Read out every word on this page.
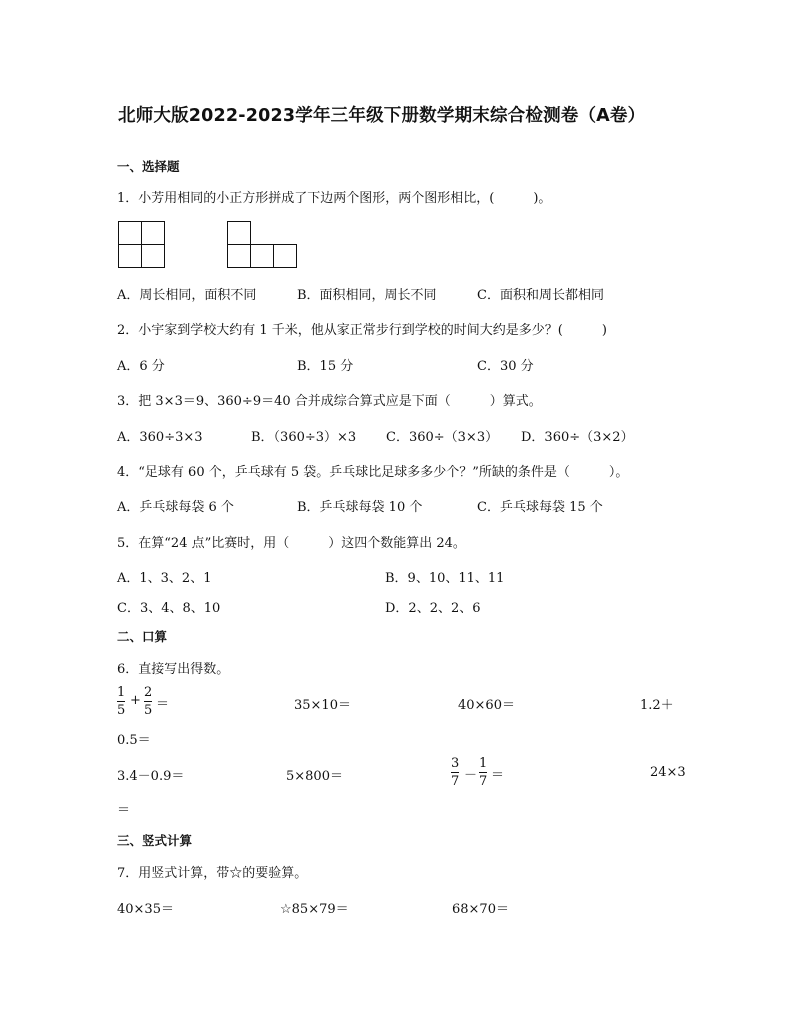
北师大版2022-2023学年三年级下册数学期末综合检测卷（A卷）
一、选择题
1．小芳用相同的小正方形拼成了下边两个图形，两个图形相比，(　　　)。
A．周长相同，面积不同	B．面积相同，周长不同	C．面积和周长都相同
2．小宇家到学校大约有 1 千米，他从家正常步行到学校的时间大约是多少？(　　　)
A．6 分	B．15 分	C．30 分
3．把 3×3＝9、360÷9＝40 合并成综合算式应是下面（　　　）算式。
A．360÷3×3	B．（360÷3）×3 C．360÷（3×3） D．360÷（3×2）
4．“足球有 60 个，乒乓球有 5 袋。乒乓球比足球多多少个？”所缺的条件是（　　　）。
A．乒乓球每袋 6 个	B．乒乓球每袋 10 个	C．乒乓球每袋 15 个
5．在算“24 点”比赛时，用（　　　）这四个数能算出 24。
A．1、3、2、1	B．9、10、11、11
C．3、4、8、10	D．2、2、2、6
二、口算
6．直接写出得数。
1
5
+
2
5 ＝	35×10＝	40×60＝	1.2＋
0.5＝
3.4－0.9＝	5×800＝
3
7 －
1
7 ＝	24×3
＝
三、竖式计算
7．用竖式计算，带☆的要验算。
40×35＝	☆85×79＝	68×70＝
